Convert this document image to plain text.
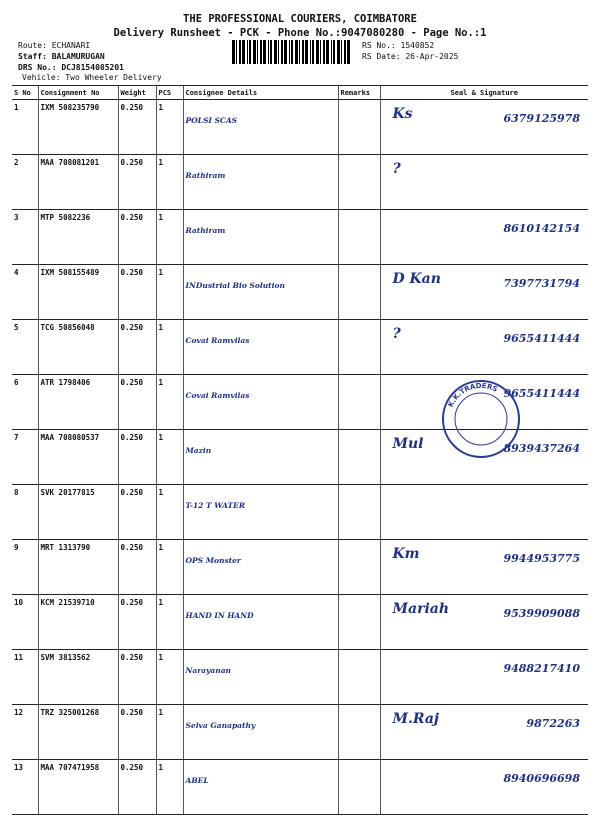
THE PROFESSIONAL COURIERS, COIMBATORE
Delivery Runsheet - PCK - Phone No.:9047080280 - Page No.:1
Route: ECHANARI
Staff: BALAMURUGAN
DRS No.: DCJ8154085201
Vehicle: Two Wheeler Delivery
RS No.: 1540852
RS Date: 26-Apr-2025
S No	Consignment No	Weight	PCS	Consignee Details	Remarks	Seal & Signature
1	IXM 508235790	0.250	1	POLSI SCAS		Ks 6379125978

2	MAA 708081201	0.250	1	Rathiram		?

3	MTP 5082236	0.250	1	Rathiram		8610142154

4	IXM 508155489	0.250	1	INDustrial Bio Solution		D Kan 7397731794

5	TCG 50856048	0.250	1	Covai Ramvilas		? 9655411444

6	ATR 1798406	0.250	1	Covai Ramvilas		9655411444

7	MAA 708080537	0.250	1	Mazin		Mul 8939437264

8	SVK 20177815	0.250	1	T-12 T WATER		
9	MRT 1313790	0.250	1	OPS Monster		Km 9944953775

10	KCM 21539710	0.250	1	HAND IN HAND		Mariah 9539909088

11	SVM 3813562	0.250	1	Narayanan		9488217410

12	TRZ 325001268	0.250	1	Selva Ganapathy		M.Raj 9872263

13	MAA 707471958	0.250	1	ABEL		8940696698
K.K.TRADERS
